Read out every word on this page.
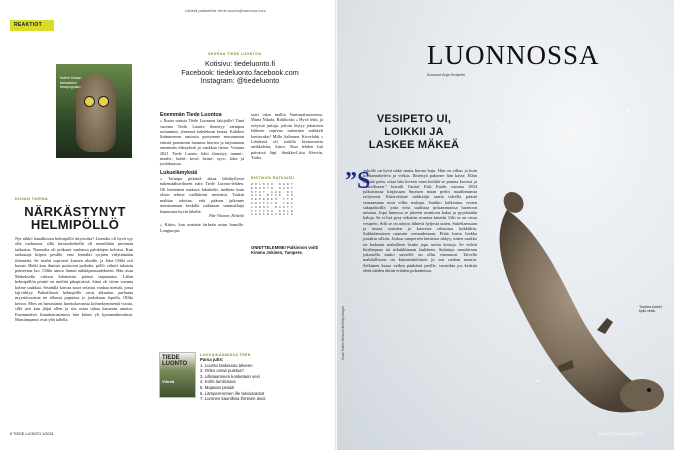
REAKTIOT
Lähetä palautetta: tiede.luonto@sanoma.com
Noihin Kissan tarkastelun taraipoppaan
KUVAN TARINA
NÄRKÄSTYNYT
HELMIPÖLLÖ
Nyt räkkö kanalkuvan helmipöllö ärtyisoitta? Linnulta oli hyvä syy olla tuohtunut, sillä kuvaushetkellä oli menellään pesinnän tarkastus. Naaraalta oli poikaset vanhassa palokärjen kolossa. Kun tarkastaja kiipesi pesälle, emo lennähti syrjään viilyttämään tilannetta. Se istahti sopivasti kuusen oksalle, ja Juha Ollila otti kuvan. Hetki kun ihmiset poistuvat paikalta, pöllö viilutti takaisin penseensa luo. Ollila sanoo linnun näkkäpaisuudekseen. Hän asuu Mahoksella viitisen kilometrin päässä taajamasta. Lähin helmipöllön pönttö on meiltin pihapiirissä. Siinä oli viime vuonna kolme saukkaa. Seudulla kasvaa suuri sefaista vanhaa metsää, jossa lajiviihtyy. Paikallisesti helmipöllö oivat alkuaiaa: parhaina myyriävuosina ne alkavat puputtaa jo joulukuun lopulla. Ollila kertoo. Mies on harrastanut luontokuvausta kolmekymmentä vuotta, sillä aeti kun jäijat ollen ja siis ostaa rahaa kameran omaisa. Ensimmäiset linnuharrastinosa hän kiinni yli kymmenkesäässä. Maistimpanot ovat yhä tallella.
SEURAA TIEDE LUONTOA
Kotisivu: tiedeluonto.fi
Facebook: tiedeluonto.facebook.com
Instagram: @tiedeluonto
Enemmän Tiede Luontoa
» Ilonia uutisia Tiede Luonnon lukijoille! Tänä vuonna Tiede Luonto ilmestyy aiempaa useammin, yhteensä kahdeksan kertaa. Kahdesi lisänumeron ansiosta pystymme seuraamaan entistä paremmin luonnon kiertoa ja tarjoamaan enemmän elämyksiä ja vankkaa tietoa. Vuonna 2021 Tiede Luonto lehti ilmestyy tammi-, maalis-, huhti-, kesä-, heinä-, syys-, loka- ja joulukuussa.
Lukuelämyksiä
» Tarinipa pitkästä aikaa lehtihyllyssä nakemäähitvihteen näin Tiede Luonto-lehden. Oli hienoinen makava lukuhetki, melkein kuin olisin tehnyt vaellukesn metsässä. Tuskin malttaa odottaa, että pääsen jatkonne innostumaan keskilla tutkinaan sammallaija kaunesuta hyvin läheltä.
Pike Viitanen, Helsinki
» Kiitos, kun nostatte tärkeän asian framille. Longinojsn
saisi ottaa mallia Vanismalsuomessa. Maria Nikula, Riihikoski » Hyvä lehti, ja erityisiä juttuja, joiloin löytyy jokaiseen lehkeen sopivan mittainen artikkeli luettavaksi! Mille Aaltonen, Kirvelahti » Lehdessä oli todella kiinnostavia artikkeleita, kiitos. Kun lehden luti päivässä läpi. Sinikka-Liisa Kievtin, Turku
RISTIKON RATKAISU
H O L K K O   K A R T
E N K O T O   S A R T
S T A T   A U E   K I
A V U   M T T P   I S
K E P E R E S   T T A
A R T T I L A   Y E I
L A N S I   M A A T T
Y T T I S A   K O L E
V A S I R A I N I T A
ONNITTELEMME! Palkinnon voitti Kimmo Jokinen, Tampere.
TIEDE LUONTO
Vihreä
LUKUAIKAAMISSA TEEN
Parsa jutts:
1. Luonto laskeutuu talveen
2. Onko omas puistsa?
3. Lilkaaaminen kosketaan vesi
4. Kohti lumirutuva
5. Majavan pesää
6. Lämpenrennen ille talvivarastot
7. Lumnen kaunikisa ihmisen aivoi
6 TIEDE LUONTO 1/2021
LUONNOSSA
Koonnut Anja Kivipelto
VESIPETO UI,
LOIKKII JA
LASKEE MÄKEÄ
”S
aukolle on hyvä näkö mutta huono haju. Hän on vilkas ja kuin koekannitteleva ja viekas. Ilmestyä pakonee hän kasse. Eläin heittää paita, ottaa hän kiveen vaan kieltää se pumaa kovasti ja vaaralliseen." kuvaili Gustaf Erik Eurén vuonna 1854 julkaistussa kirjassaan Suomen maan pedot maalinnunsta erityisesti. Kärsiväisine tarkkaiijä saatta talvella päästä seuraamaan tuon villin touhuja. Saukko kulkeutuu vesien sulapaikoille, jotta voisi saalistaa polsammaissa luontoon uimaan. Jopa lumessa se jäiseen avantoon kalaa ja pyytämään kaloja. Se ei lisä pysy sekaisin avantoa äänettä. Silti se on oivaa vesipeto. Silti se on näytös lähtevä hyljestä taiten. Sukeltaessaan ja nistaa sormien ja kuoresia tahtosssa loikkiikin. Sukkulamaisen ruumiin vertaudestaan. Pitää lustia hiekka jostakin silloin. Joskus tampereen lamiessa näkyy, miten saukko on laskenut mahalleen lisuka jopa useita kertoja. Se viiletä hiirihepana tai nikukklaman laakkeen. Sulattuja muoderaan jokaisella sauko suveelle on ollut varmuosti. Talvella mahdollisuus on kimmenkiloinen ja sen rauhan maaria. Sellainen kussa vaikea pänkästä perille, varsinkin jos keskita eletä näiden ahtiin eräiden polaatteissa.
Tuohea tunkei kylki veltä.
Kuva: Martin Meissnerin/Getty Images
1/2021 TIEDE LUONTO 7
